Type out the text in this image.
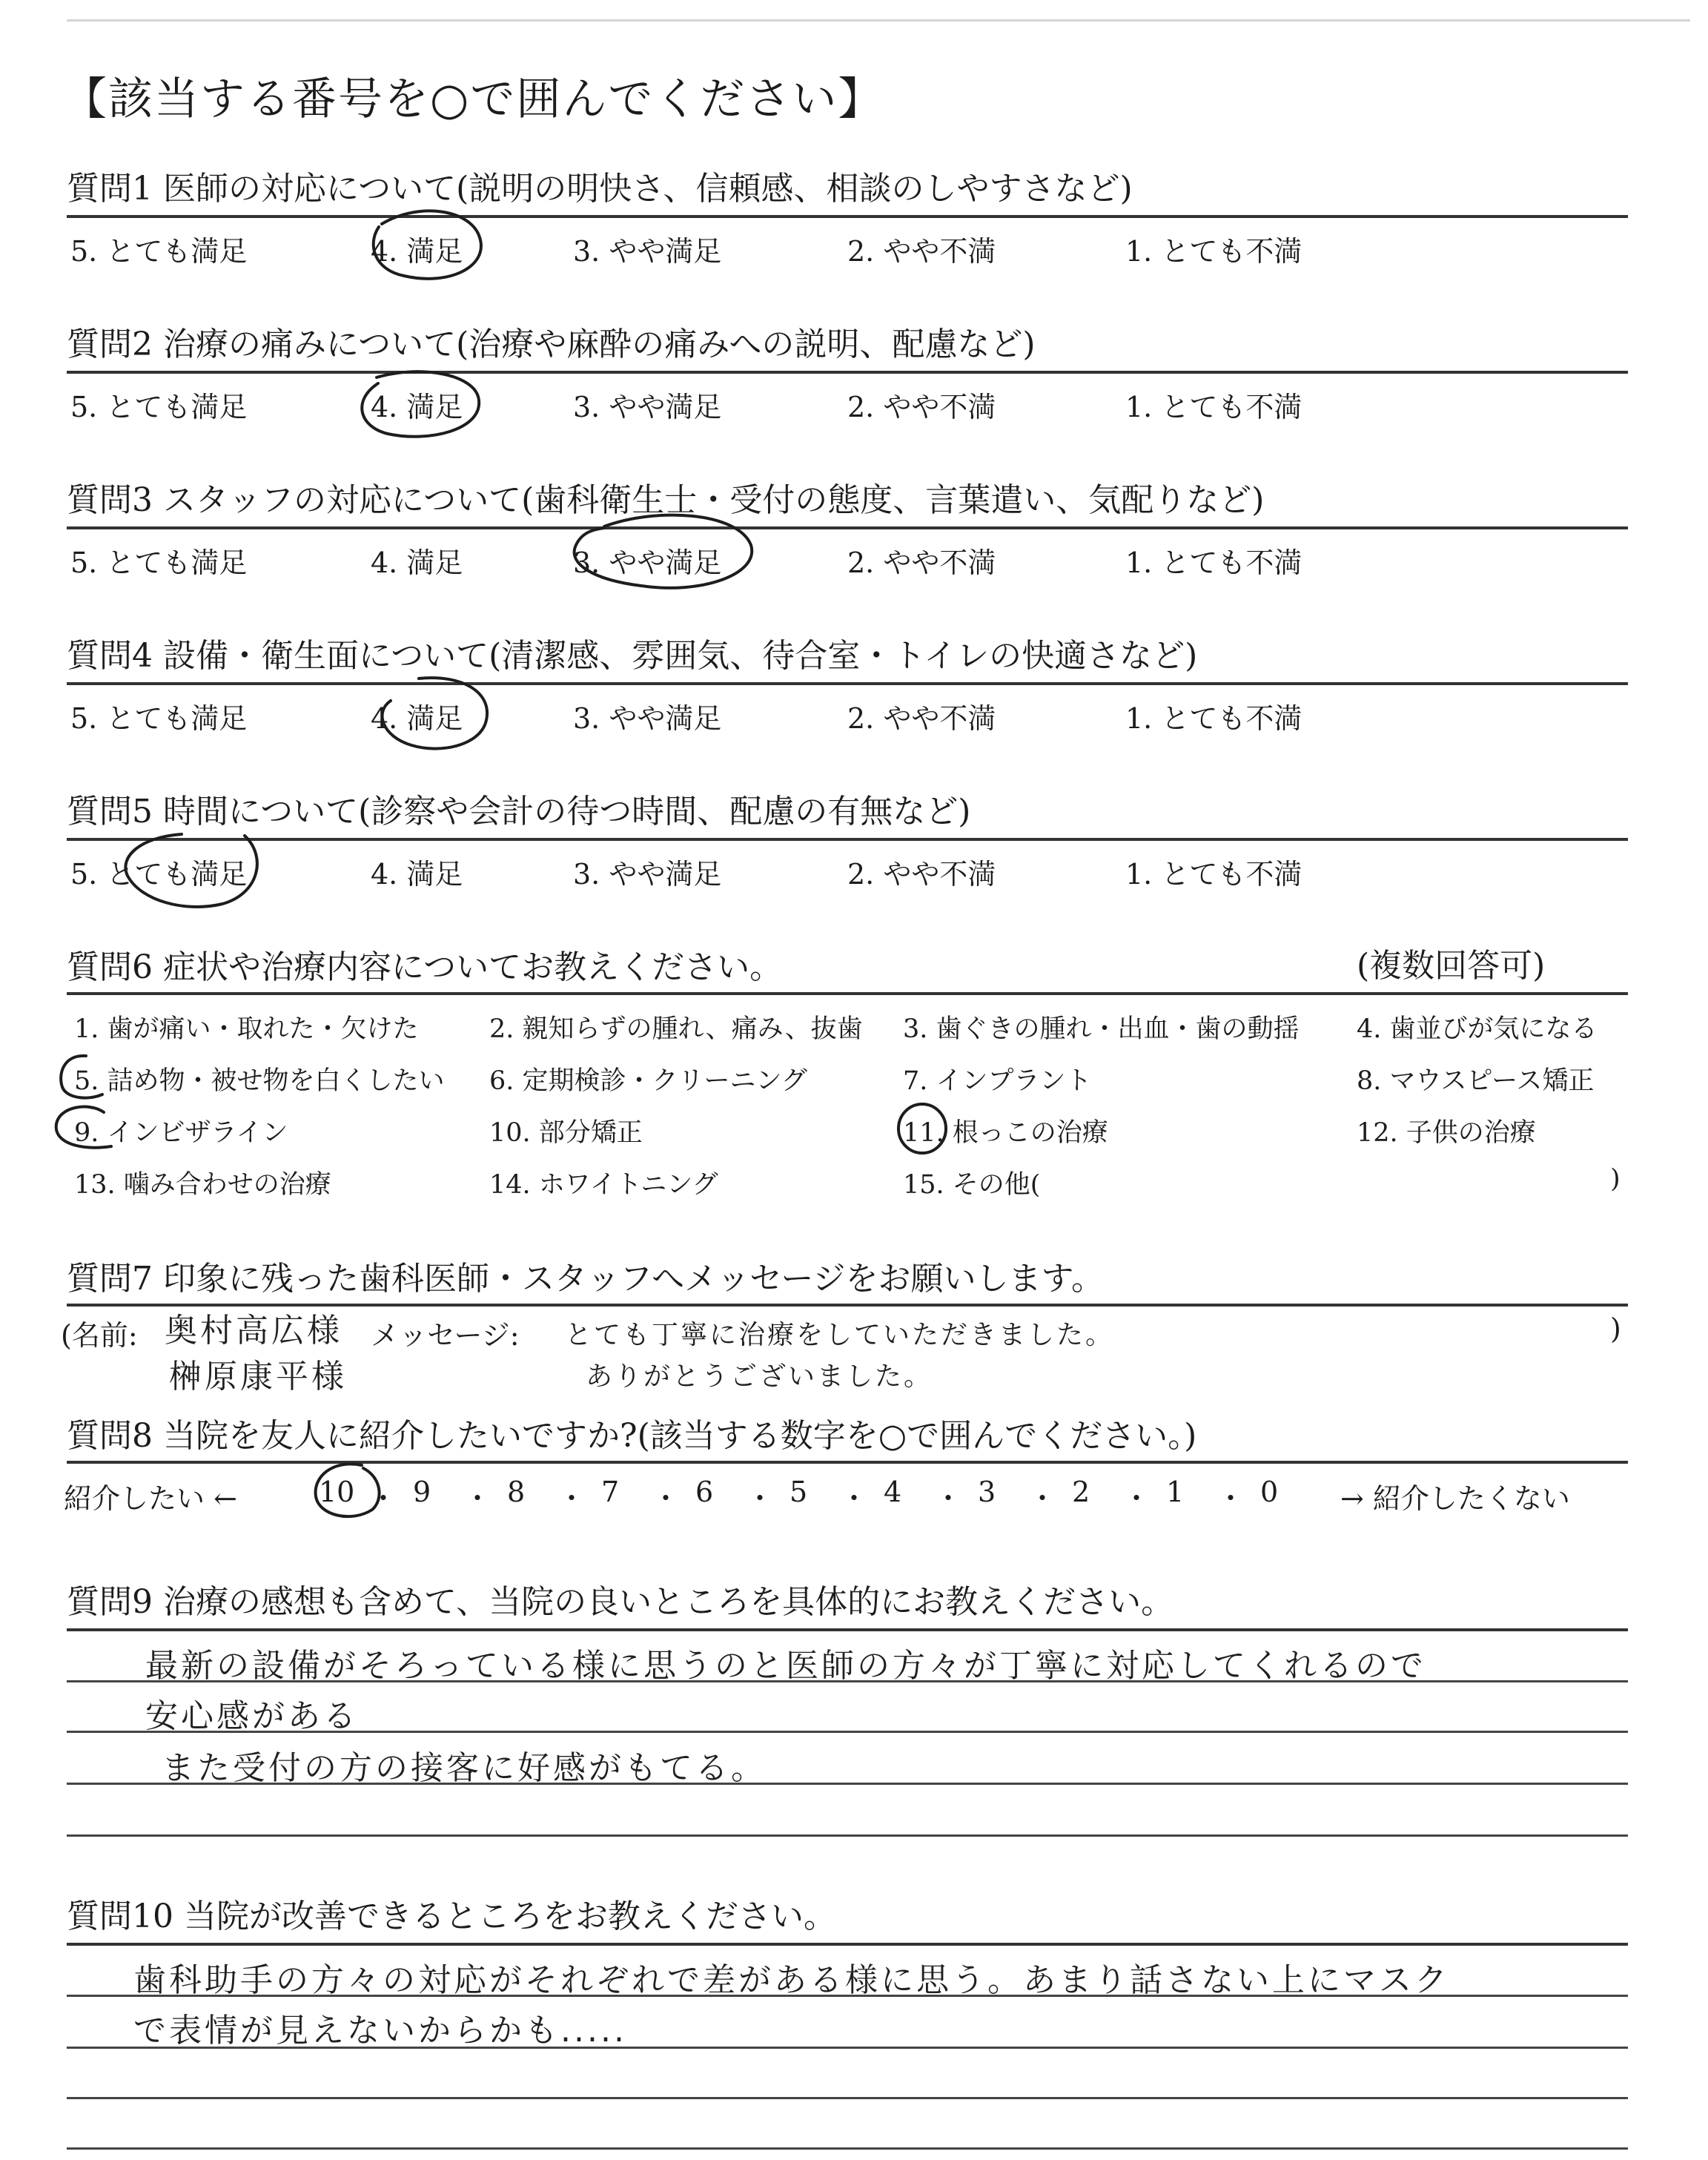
【該当する番号を○で囲んでください】
質問1 医師の対応について(説明の明快さ、信頼感、相談のしやすさなど)
5. とても満足	4. 満足	3. やや満足	2. やや不満	1. とても不満
質問2 治療の痛みについて(治療や麻酔の痛みへの説明、配慮など)
5. とても満足	4. 満足	3. やや満足	2. やや不満	1. とても不満
質問3 スタッフの対応について(歯科衛生士・受付の態度、言葉遣い、気配りなど)
5. とても満足	4. 満足	3. やや満足	2. やや不満	1. とても不満
質問4 設備・衛生面について(清潔感、雰囲気、待合室・トイレの快適さなど)
5. とても満足	4. 満足	3. やや満足	2. やや不満	1. とても不満
質問5 時間について(診察や会計の待つ時間、配慮の有無など)
5. とても満足	4. 満足	3. やや満足	2. やや不満	1. とても不満
質問6 症状や治療内容についてお教えください。	(複数回答可)
1. 歯が痛い・取れた・欠けた	2. 親知らずの腫れ、痛み、抜歯 3. 歯ぐきの腫れ・出血・歯の動揺 4. 歯並びが気になる
5. 詰め物・被せ物を白くしたい 6. 定期検診・クリーニング	7. インプラント	8. マウスピース矯正
9. インビザライン	10. 部分矯正	11. 根っこの治療	12. 子供の治療
13. 噛み合わせの治療	14. ホワイトニング	15. その他(	)
質問7 印象に残った歯科医師・スタッフへメッセージをお願いします。
(名前: 奥村高広様
榊原康平様
メッセージ: とても丁寧に治療をしていただきました。
ありがとうございました。
)
質問8 当院を友人に紹介したいですか?(該当する数字を○で囲んでください。)
紹介したい ←	10 ・ 9 ・ 8 ・ 7 ・ 6 ・ 5 ・ 4 ・ 3 ・ 2 ・ 1 ・ 0 → 紹介したくない
質問9 治療の感想も含めて、当院の良いところを具体的にお教えください。
最新の設備がそろっている様に思うのと医師の方々が丁寧に対応してくれるので
安心感がある
また受付の方の接客に好感がもてる。
質問10 当院が改善できるところをお教えください。
歯科助手の方々の対応がそれぞれで差がある様に思う。あまり話さない上にマスク
で表情が見えないからかも.....
